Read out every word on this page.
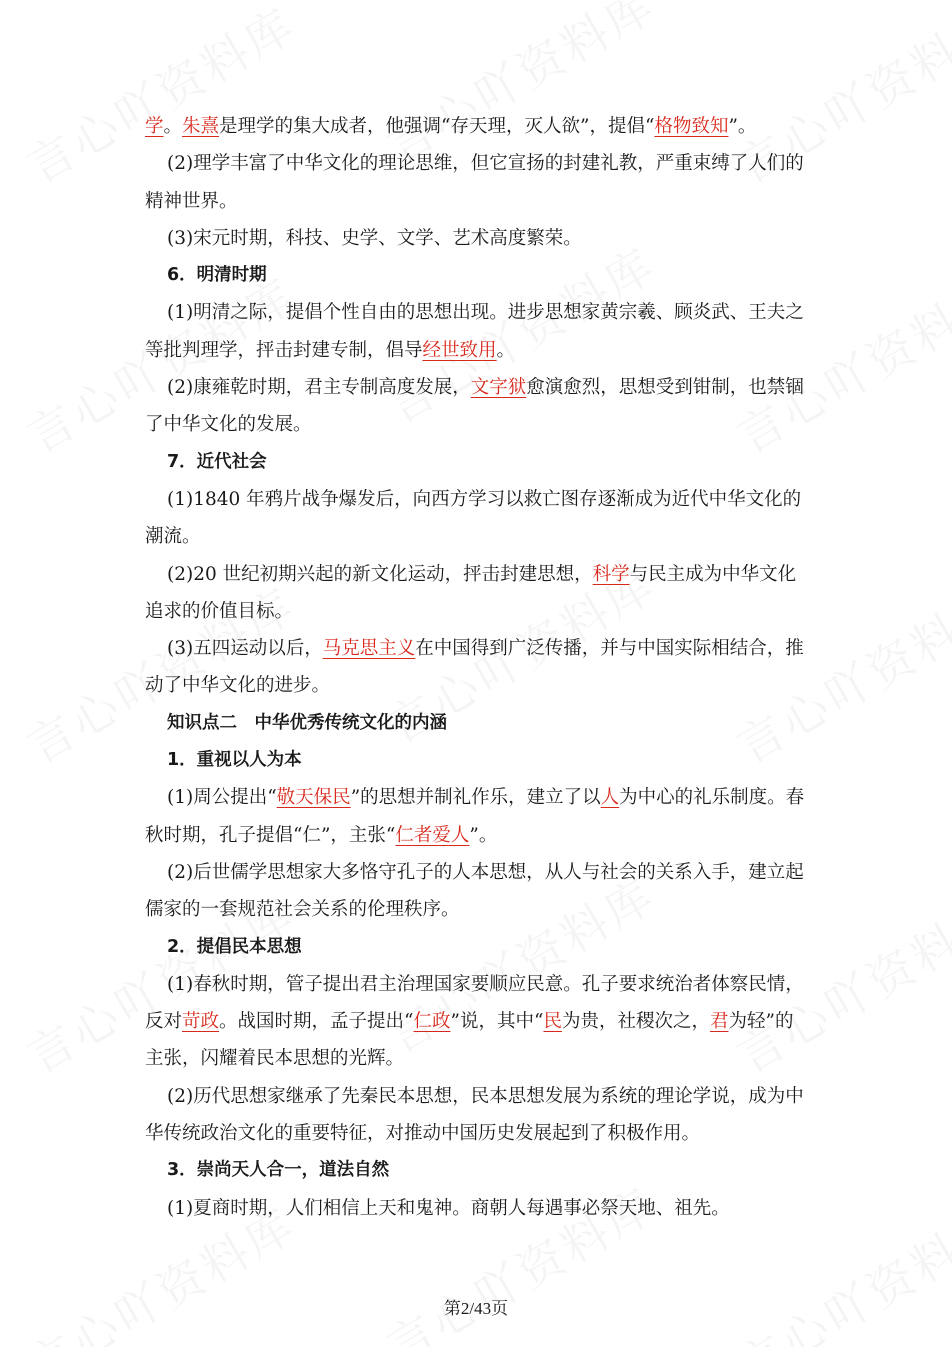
学。朱熹是理学的集大成者，他强调“存天理，灭人欲”，提倡“格物致知”。
(2)理学丰富了中华文化的理论思维，但它宣扬的封建礼教，严重束缚了人们的精神世界。
(3)宋元时期，科技、史学、文学、艺术高度繁荣。
6．明清时期
(1)明清之际，提倡个性自由的思想出现。进步思想家黄宗羲、顾炎武、王夫之等批判理学，抨击封建专制，倡导经世致用。
(2)康雍乾时期，君主专制高度发展，文字狱愈演愈烈，思想受到钳制，也禁锢了中华文化的发展。
7．近代社会
(1)1840 年鸦片战争爆发后，向西方学习以救亡图存逐渐成为近代中华文化的潮流。
(2)20 世纪初期兴起的新文化运动，抨击封建思想，科学与民主成为中华文化追求的价值目标。
(3)五四运动以后，马克思主义在中国得到广泛传播，并与中国实际相结合，推动了中华文化的进步。
知识点二　中华优秀传统文化的内涵
1．重视以人为本
(1)周公提出“敬天保民”的思想并制礼作乐，建立了以人为中心的礼乐制度。春秋时期，孔子提倡“仁”，主张“仁者爱人”。
(2)后世儒学思想家大多恪守孔子的人本思想，从人与社会的关系入手，建立起儒家的一套规范社会关系的伦理秩序。
2．提倡民本思想
(1)春秋时期，管子提出君主治理国家要顺应民意。孔子要求统治者体察民情，反对苛政。战国时期，孟子提出“仁政”说，其中“民为贵，社稷次之，君为轻”的主张，闪耀着民本思想的光辉。
(2)历代思想家继承了先秦民本思想，民本思想发展为系统的理论学说，成为中华传统政治文化的重要特征，对推动中国历史发展起到了积极作用。
3．崇尚天人合一，道法自然
(1)夏商时期，人们相信上天和鬼神。商朝人每遇事必祭天地、祖先。
第2/43页
